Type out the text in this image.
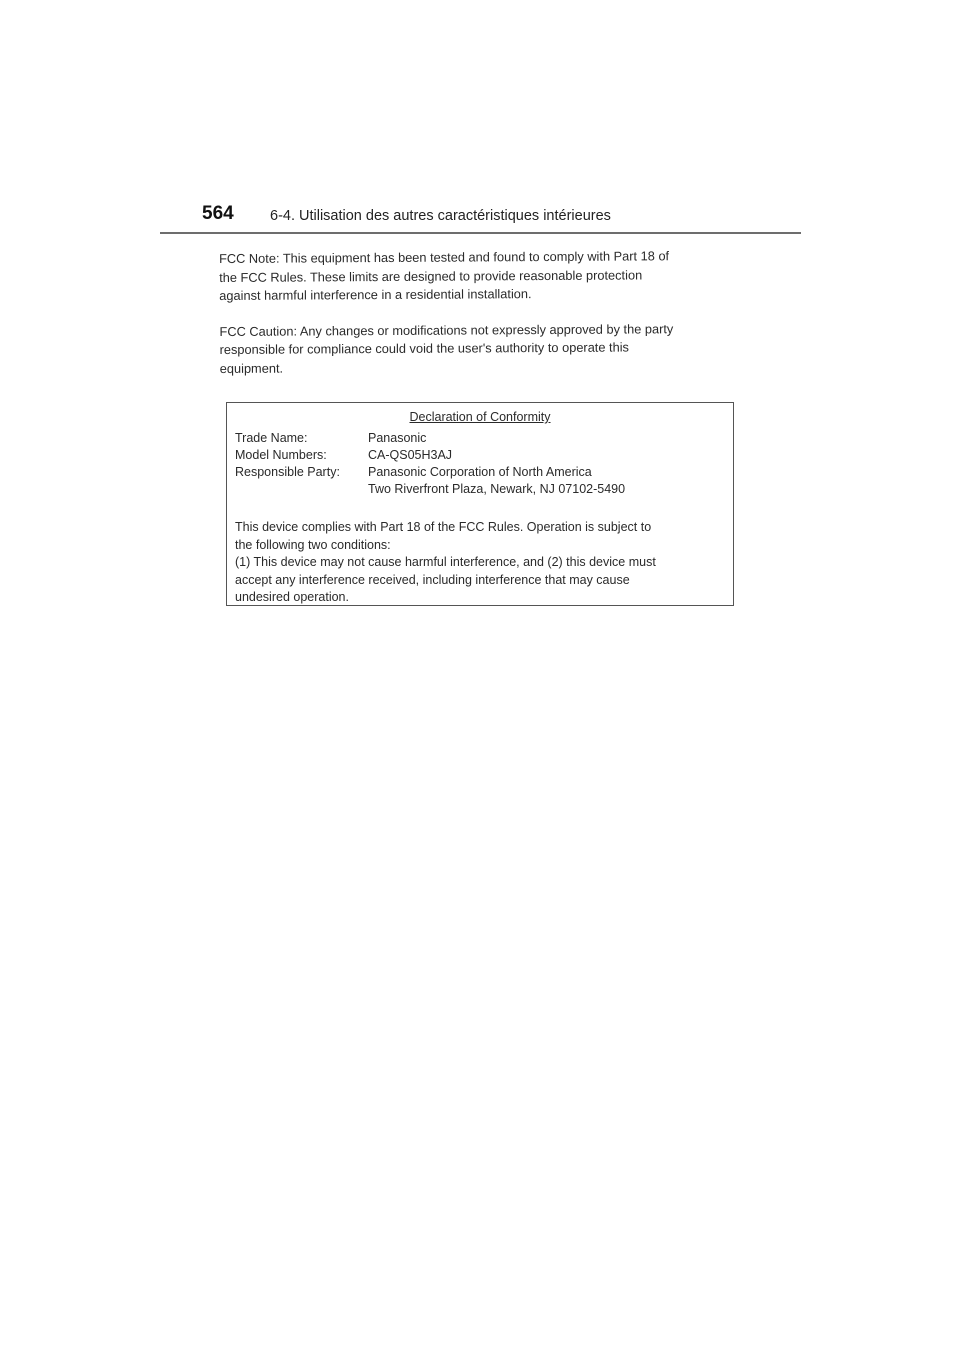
564	6-4. Utilisation des autres caractéristiques intérieures

FCC Note: This equipment has been tested and found to comply with Part 18 of
the FCC Rules. These limits are designed to provide reasonable protection
against harmful interference in a residential installation.

FCC Caution: Any changes or modifications not expressly approved by the party
responsible for compliance could void the user's authority to operate this
equipment.

Declaration of Conformity
Trade Name:	Panasonic
Model Numbers:	CA-QS05H3AJ
Responsible Party: Panasonic Corporation of North America
Two Riverfront Plaza, Newark, NJ 07102-5490
This device complies with Part 18 of the FCC Rules. Operation is subject to
the following two conditions:
(1) This device may not cause harmful interference, and (2) this device must
accept any interference received, including interference that may cause
undesired operation.
